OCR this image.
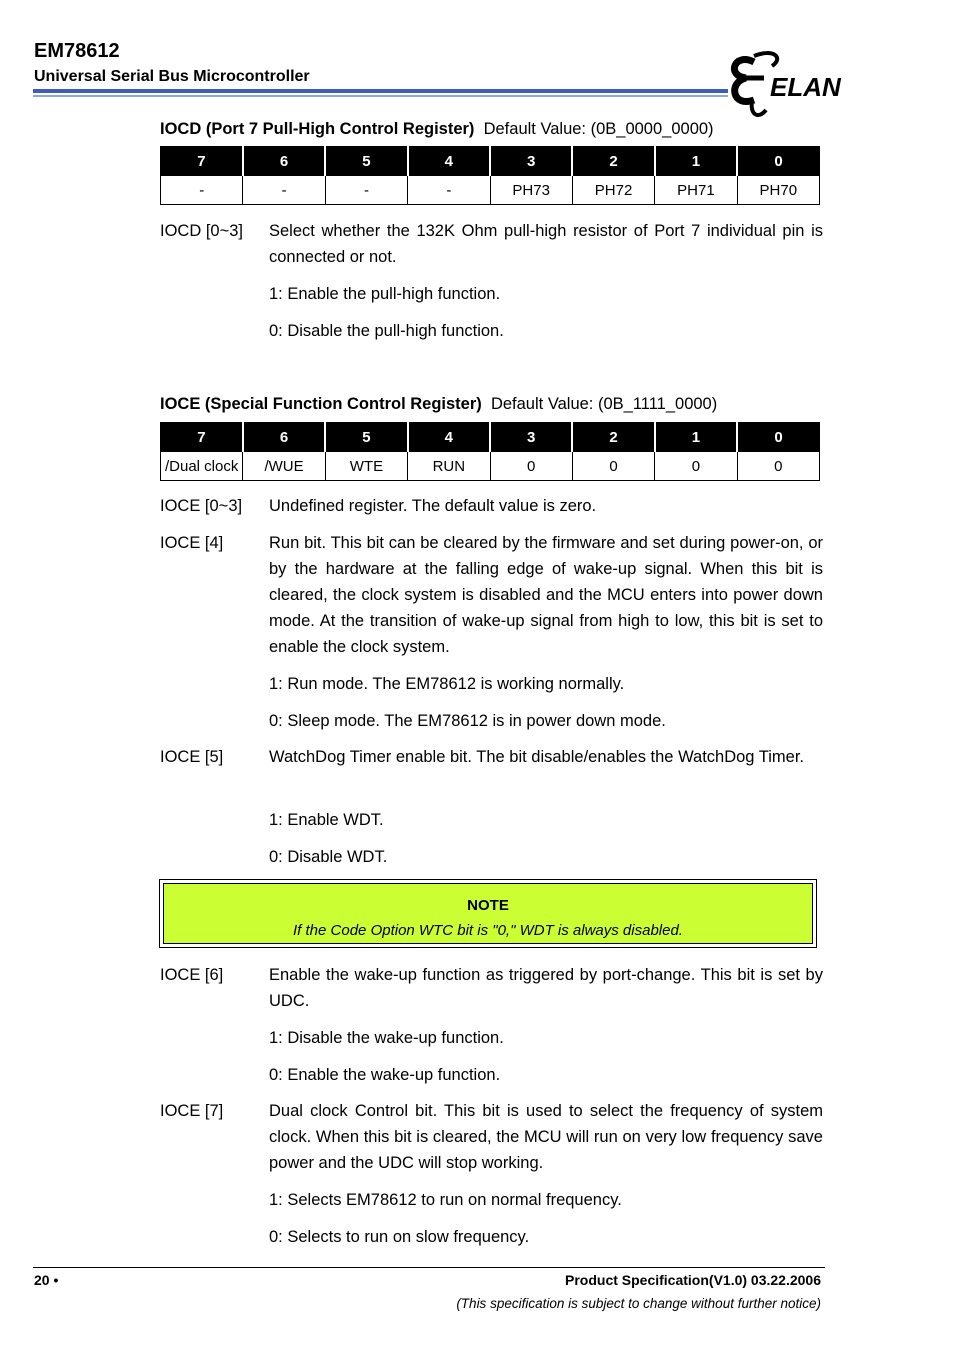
EM78612
Universal Serial Bus Microcontroller	ELAN
IOCD (Port 7 Pull-High Control Register) Default Value: (0B_0000_0000)
7	6	5	4	3	2	1	0
-	-	-	-	PH73	PH72	PH71	PH70
IOCD [0~3] Select whether the 132K Ohm pull-high resistor of Port 7 individual pin is connected or not.
1: Enable the pull-high function.
0: Disable the pull-high function.
IOCE (Special Function Control Register) Default Value: (0B_1111_0000)
7	6	5	4	3	2	1	0
/Dual clock	/WUE	WTE	RUN	0	0	0	0
IOCE [0~3] Undefined register. The default value is zero.
IOCE [4]	Run bit. This bit can be cleared by the firmware and set during power-on, or by the hardware at the falling edge of wake-up signal. When this bit is cleared, the clock system is disabled and the MCU enters into power down mode. At the transition of wake-up signal from high to low, this bit is set to enable the clock system.
1: Run mode. The EM78612 is working normally.
0: Sleep mode. The EM78612 is in power down mode.
IOCE [5]	WatchDog Timer enable bit. The bit disable/enables the WatchDog Timer.
1: Enable WDT.
0: Disable WDT.
NOTE
If the Code Option WTC bit is "0," WDT is always disabled.
IOCE [6]	Enable the wake-up function as triggered by port-change. This bit is set by UDC.
1: Disable the wake-up function.
0: Enable the wake-up function.
IOCE [7]	Dual clock Control bit. This bit is used to select the frequency of system clock. When this bit is cleared, the MCU will run on very low frequency save power and the UDC will stop working.
1: Selects EM78612 to run on normal frequency.
0: Selects to run on slow frequency.
20 •	Product Specification(V1.0) 03.22.2006
(This specification is subject to change without further notice)
